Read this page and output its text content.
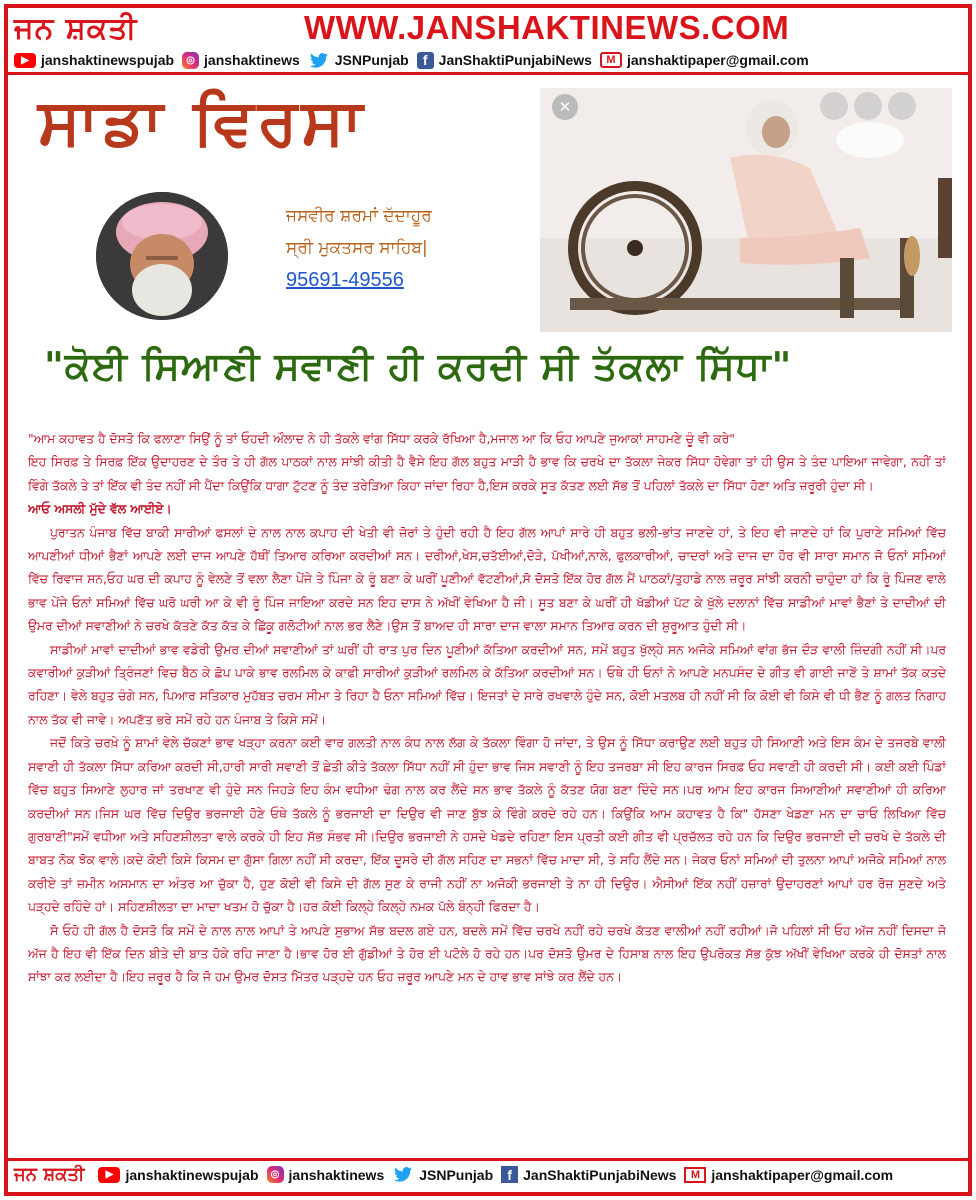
ਜਨ ਸ਼ਕਤੀ	WWW.JANSHAKTINEWS.COM
▶ janshaktinewspujab	◎ janshaktinews	JSNPunjab	f JanShaktiPunjabiNews	M janshaktipaper@gmail.com
ਸਾਡਾ ਵਿਰਸਾ
ਜਸਵੀਰ ਸ਼ਰਮਾਂ ਦੱਦਾਹੂਰ
ਸ੍ਰੀ ਮੁਕਤਸਰ ਸਾਹਿਬ|
95691-49556
✕
"ਕੋਈ ਸਿਆਣੀ ਸਵਾਣੀ ਹੀ ਕਰਦੀ ਸੀ ਤੱਕਲਾ ਸਿੱਧਾ"

"ਆਮ ਕਹਾਵਤ ਹੈ ਦੋਸਤੋ ਕਿ ਫਲਾਣਾ ਸਿਉਂ ਨੂੰ ਤਾਂ ਓਹਦੀ ਔਲਾਦ ਨੇ ਹੀ ਤੱਕਲੇ ਵਾਂਗ ਸਿੱਧਾ ਕਰਕੇ ਰੱਖਿਆ ਹੈ,ਮਜਾਲ ਆ ਕਿ ਓਹ ਆਪਣੇ ਜੁਆਕਾਂ ਸਾਹਮਣੇ ਚੂੰ ਵੀ ਕਰੇ"

ਇਹ ਸਿਰਫ਼ ਤੇ ਸਿਰਫ਼ ਇੱਕ ਉਦਾਹਰਣ ਦੇ ਤੌਰ ਤੇ ਹੀ ਗੱਲ ਪਾਠਕਾਂ ਨਾਲ ਸਾਂਝੀ ਕੀਤੀ ਹੈ ਵੈਸੇ ਇਹ ਗੱਲ ਬਹੁਤ ਮਾੜੀ ਹੈ ਭਾਵ ਕਿ ਚਰਖੇ ਦਾ ਤੱਕਲਾ ਜੇਕਰ ਸਿੱਧਾ ਹੋਵੇਗਾ ਤਾਂ ਹੀ ਉਸ ਤੇ ਤੰਦ ਪਾਇਆ ਜਾਵੇਗਾ, ਨਹੀਂ ਤਾਂ ਵਿੰਗੇ ਤੱਕਲੇ ਤੇ ਤਾਂ ਇੱਕ ਵੀ ਤੰਦ ਨਹੀਂ ਸੀ ਪੈਂਦਾ ਕਿਉਂਕਿ ਧਾਗਾ ਟੁੱਟਣ ਨੂੰ ਤੰਦ ਤਰੇੜਿਆ ਕਿਹਾ ਜਾਂਦਾ ਰਿਹਾ ਹੈ,ਇਸ ਕਰਕੇ ਸੂਤ ਕੱਤਣ ਲਈ ਸੱਭ ਤੋਂ ਪਹਿਲਾਂ ਤੱਕਲੇ ਦਾ ਸਿੱਧਾ ਹੋਣਾ ਅਤਿ ਜ਼ਰੂਰੀ ਹੁੰਦਾ ਸੀ।

ਆਓ ਅਸਲੀ ਮੁੱਦੇ ਵੱਲ ਆਈਏ।

ਪੁਰਾਤਨ ਪੰਜਾਬ ਵਿੱਚ ਬਾਕੀ ਸਾਰੀਆਂ ਫਸਲਾਂ ਦੇ ਨਾਲ ਨਾਲ ਕਪਾਹ ਦੀ ਖੇਤੀ ਵੀ ਜ਼ੋਰਾਂ ਤੇ ਹੁੰਦੀ ਰਹੀ ਹੈ ਇਹ ਗੱਲ ਆਪਾਂ ਸਾਰੇ ਹੀ ਬਹੁਤ ਭਲੀ-ਭਾਂਤ ਜਾਣਦੇ ਹਾਂ, ਤੇ ਇਹ ਵੀ ਜਾਣਦੇ ਹਾਂ ਕਿ ਪੁਰਾਣੇ ਸਮਿਆਂ ਵਿੱਚ ਆਪਣੀਆਂ ਧੀਆਂ ਭੈਣਾਂ ਆਪਣੇ ਲਈ ਦਾਜ ਆਪਣੇ ਹੱਥੀਂ ਤਿਆਰ ਕਰਿਆ ਕਰਦੀਆਂ ਸਨ। ਦਰੀਆਂ,ਖੇਸ,ਚਤੱਈਆਂ,ਦੋੜੇ, ਪੱਖੀਆਂ,ਨਾਲੇ, ਫੁਲਕਾਰੀਆਂ, ਚਾਦਰਾਂ ਅਤੇ ਦਾਜ ਦਾ ਹੋਰ ਵੀ ਸਾਰਾ ਸਮਾਨ ਜੋ ਓਨਾਂ ਸਮਿਆਂ ਵਿੱਚ ਰਿਵਾਜ ਸਨ,ਓਹ ਘਰ ਦੀ ਕਪਾਹ ਨੂੰ ਵੇਲਣੇ ਤੋਂ ਵਲਾ ਲੈਣਾ ਪੇਂਜੇ ਤੇ ਪਿੰਜਾ ਕੇ ਰੂੰ ਬਣਾ ਕੇ ਘਰੀਂ ਪੂਣੀਆਂ ਵੱਟਣੀਆਂ,ਸੋ ਦੋਸਤੋ ਇੱਕ ਹੋਰ ਗੱਲ ਮੈਂ ਪਾਠਕਾਂ/ਤੁਹਾਡੇ ਨਾਲ ਜ਼ਰੂਰ ਸਾਂਝੀ ਕਰਨੀ ਚਾਹੁੰਦਾ ਹਾਂ ਕਿ ਰੂੰ ਪਿੰਜਣ ਵਾਲੇ ਭਾਵ ਪੇਂਜੇ ਓਨਾਂ ਸਮਿਆਂ ਵਿੱਚ ਘਰੋ ਘਰੀ ਆ ਕੇ ਵੀ ਰੂੰ ਪਿੰਜ ਜਾਇਆ ਕਰਦੇ ਸਨ ਇਹ ਦਾਸ ਨੇ ਅੱਖੀਂ ਵੇਖਿਆ ਹੈ ਜੀ। ਸੂਤ ਬਣਾ ਕੇ ਘਰੀਂ ਹੀ ਖੱਡੀਆਂ ਪੱਟ ਕੇ ਖੁੱਲੇ ਦਲਾਨਾਂ ਵਿੱਚ ਸਾਡੀਆਂ ਮਾਵਾਂ ਭੈਣਾਂ ਤੇ ਦਾਦੀਆਂ ਦੀ ਉਮਰ ਦੀਆਂ ਸਵਾਣੀਆਂ ਨੇ ਚਰਖੇ ਕੱਤਣੇ ਕੱਤ ਕੱਤ ਕੇ ਛਿੱਕੂ ਗਲੋਟੀਆਂ ਨਾਲ ਭਰ ਲੈਣੇ।ਉਸ ਤੋਂ ਬਾਅਦ ਹੀ ਸਾਰਾ ਦਾਜ ਵਾਲਾ ਸਮਾਨ ਤਿਆਰ ਕਰਨ ਦੀ ਸ਼ੁਰੂਆਤ ਹੁੰਦੀ ਸੀ।

ਸਾਡੀਆਂ ਮਾਵਾਂ ਦਾਦੀਆਂ ਭਾਵ ਵਡੇਰੀ ਉਮਰ ਦੀਆਂ ਸਵਾਣੀਆਂ ਤਾਂ ਘਰੀਂ ਹੀ ਰਾਤ ਪੁਰ ਦਿਨ ਪੂਣੀਆਂ ਕੱਤਿਆ ਕਰਦੀਆਂ ਸਨ, ਸਮੇਂ ਬਹੁਤ ਖੁੱਲ੍ਹੇ ਸਨ ਅਜੋਕੇ ਸਮਿਆਂ ਵਾਂਗ ਭੱਜ ਦੌੜ ਵਾਲੀ ਜ਼ਿੰਦਗੀ ਨਹੀਂ ਸੀ।ਪਰ ਕਵਾਰੀਆਂ ਕੁੜੀਆਂ ਤ੍ਰਿੰਜਣਾਂ ਵਿਚ ਬੈਠ ਕੇ ਛੋਪ ਪਾਕੇ ਭਾਵ ਰਲਮਿਲ ਕੇ ਕਾਫੀ ਸਾਰੀਆਂ ਕੁੜੀਆਂ ਰਲਮਿਲ ਕੇ ਕੱਤਿਆ ਕਰਦੀਆਂ ਸਨ। ਓਥੇ ਹੀ ਓਨਾਂ ਨੇ ਆਪਣੇ ਮਨਪਸੰਦ ਦੇ ਗੀਤ ਵੀ ਗਾਈ ਜਾਣੇਂ ਤੇ ਸ਼ਾਮਾਂ ਤੱਕ ਕਤਦੇ ਰਹਿਣਾ। ਵੇਲੇ ਬਹੁਤ ਚੰਗੇ ਸਨ, ਪਿਆਰ ਸਤਿਕਾਰ ਮੁਹੱਬਤ ਚਰਮ ਸੀਮਾ ਤੇ ਰਿਹਾ ਹੈ ਓਨਾ ਸਮਿਆਂ ਵਿੱਚ। ਇਜਤਾਂ ਦੇ ਸਾਰੇ ਰਖਵਾਲੇ ਹੁੰਦੇ ਸਨ, ਕੋਈ ਮਤਲਬ ਹੀ ਨਹੀਂ ਸੀ ਕਿ ਕੋਈ ਵੀ ਕਿਸੇ ਵੀ ਧੀ ਭੈਣ ਨੂੰ ਗਲਤ ਨਿਗਾਹ ਨਾਲ ਤੱਕ ਵੀ ਜਾਵੇ। ਅਪਣੱਤ ਭਰੇ ਸਮੇਂ ਰਹੇ ਹਨ ਪੰਜਾਬ ਤੇ ਕਿਸੇ ਸਮੇਂ।

ਜਦੋਂ ਕਿਤੇ ਚਰਖ਼ੇ ਨੂੰ ਸ਼ਾਮਾਂ ਵੇਲੇ ਚੱਕਣਾਂ ਭਾਵ ਖੜ੍ਹਾ ਕਰਨਾ ਕਈ ਵਾਰ ਗਲਤੀ ਨਾਲ ਕੰਧ ਨਾਲ ਲੱਗ ਕੇ ਤੱਕਲਾ ਵਿੰਗਾ ਹੋ ਜਾਂਦਾ, ਤੇ ਉਸ ਨੂੰ ਸਿੱਧਾ ਕਰਾਉਣ ਲਈ ਬਹੁਤ ਹੀ ਸਿਆਣੀ ਅਤੇ ਇਸ ਕੰਮ ਦੇ ਤਜਰਬੇ ਵਾਲੀ ਸਵਾਣੀ ਹੀ ਤੱਕਲਾ ਸਿੱਧਾ ਕਰਿਆ ਕਰਦੀ ਸੀ,ਹਾਰੀ ਸਾਰੀ ਸਵਾਣੀ ਤੋਂ ਛੇਤੀ ਕੀਤੇ ਤੱਕਲਾ ਸਿੱਧਾ ਨਹੀਂ ਸੀ ਹੁੰਦਾ ਭਾਵ ਜਿਸ ਸਵਾਣੀ ਨੂੰ ਇਹ ਤਜਰਬਾ ਸੀ ਇਹ ਕਾਰਜ ਸਿਰਫ਼ ਓਹ ਸਵਾਣੀ ਹੀ ਕਰਦੀ ਸੀ। ਕਈ ਕਈ ਪਿੰਡਾਂ ਵਿੱਚ ਬਹੁਤ ਸਿਆਣੇ ਲੁਹਾਰ ਜਾਂ ਤਰਖਾਣ ਵੀ ਹੁੰਦੇ ਸਨ ਜਿਹੜੇ ਇਹ ਕੰਮ ਵਧੀਆ ਢੰਗ ਨਾਲ ਕਰ ਲੈਂਦੇ ਸਨ ਭਾਵ ਤੱਕਲੇ ਨੂੰ ਕੱਤਣ ਯੋਗ ਬਣਾ ਦਿੰਦੇ ਸਨ।ਪਰ ਆਮ ਇਹ ਕਾਰਜ ਸਿਆਣੀਆਂ ਸਵਾਣੀਆਂ ਹੀ ਕਰਿਆ ਕਰਦੀਆਂ ਸਨ।ਜਿਸ ਘਰ ਵਿੱਚ ਦਿਉਰ ਭਰਜਾਈ ਹੋਣੇ ਓਥੇ ਤੱਕਲੇ ਨੂੰ ਭਰਜਾਈ ਦਾ ਦਿਉਰ ਵੀ ਜਾਣ ਬੁੱਝ ਕੇ ਵਿੰਗੇ ਕਰਦੇ ਰਹੇ ਹਨ। ਕਿਉਂਕਿ ਆਮ ਕਹਾਵਤ ਹੈ ਕਿ" ਹੱਸਣਾ ਖੇਡਣਾ ਮਨ ਦਾ ਚਾਓ ਲਿਖਿਆ ਵਿੱਚ ਗੁਰਬਾਣੀ"ਸਮੇਂ ਵਧੀਆ ਅਤੇ ਸਹਿਣਸ਼ੀਲਤਾ ਵਾਲੇ ਕਰਕੇ ਹੀ ਇਹ ਸੱਭ ਸੰਭਵ ਸੀ।ਦਿਉਰ ਭਰਜਾਈ ਨੇ ਹਸਦੇ ਖੇਡਦੇ ਰਹਿਣਾ ਇਸ ਪ੍ਰਤੀ ਕਈ ਗੀਤ ਵੀ ਪ੍ਰਚੱਲਤ ਰਹੇ ਹਨ ਕਿ ਦਿਉਰ ਭਰਜਾਈ ਦੀ ਚਰਖੇ ਦੇ ਤੱਕਲੇ ਦੀ ਬਾਬਤ ਨੋਕ ਝੋਕ ਵਾਲੇ।ਕਦੇ ਕੋਈ ਕਿਸੇ ਕਿਸਮ ਦਾ ਗੁੱਸਾ ਗਿਲਾ ਨਹੀਂ ਸੀ ਕਰਦਾ, ਇੱਕ ਦੂਸਰੇ ਦੀ ਗੱਲ ਸਹਿਣ ਦਾ ਸਭਨਾਂ ਵਿੱਚ ਮਾਦਾ ਸੀ, ਤੇ ਸਹਿ ਲੈਂਦੇ ਸਨ। ਜੇਕਰ ਓਨਾਂ ਸਮਿਆਂ ਦੀ ਤੁਲਨਾ ਆਪਾਂ ਅਜੋਕੇ ਸਮਿਆਂ ਨਾਲ ਕਰੀਏ ਤਾਂ ਜ਼ਮੀਨ ਅਸਮਾਨ ਦਾ ਅੰਤਰ ਆ ਚੁੱਕਾ ਹੈ, ਹੁਣ ਕੋਈ ਵੀ ਕਿਸੇ ਦੀ ਗੱਲ ਸੁਣ ਕੇ ਰਾਜੀ ਨਹੀਂ ਨਾ ਅਜੋਕੀ ਭਰਜਾਈ ਤੇ ਨਾ ਹੀ ਦਿਉਰ। ਐਸੀਆਂ ਇੱਕ ਨਹੀਂ ਹਜ਼ਾਰਾਂ ਉਦਾਹਰਣਾਂ ਆਪਾਂ ਹਰ ਰੋਜ਼ ਸੁਣਦੇ ਅਤੇ ਪੜ੍ਹਦੇ ਰਹਿੰਦੇ ਹਾਂ। ਸਹਿਣਸ਼ੀਲਤਾ ਦਾ ਮਾਦਾ ਖਤਮ ਹੋ ਚੁੱਕਾ ਹੈ।ਹਰ ਕੋਈ ਕਿਲ੍ਹੇ ਕਿਲ੍ਹੇ ਨਮਕ ਪੱਲੇ ਬੰਨ੍ਹੀ ਫਿਰਦਾ ਹੈ।

ਸੋ ਓਹੋ ਹੀ ਗੱਲ ਹੈ ਦੋਸਤੋ ਕਿ ਸਮੇਂ ਦੇ ਨਾਲ ਨਾਲ ਆਪਾਂ ਤੇ ਆਪਣੇ ਸੁਭਾਅ ਸੱਭ ਬਦਲ ਗਏ ਹਨ, ਬਦਲੇ ਸਮੇਂ ਵਿੱਚ ਚਰਖੇ ਨਹੀਂ ਰਹੇ ਚਰਖੇ ਕੱਤਣ ਵਾਲੀਆਂ ਨਹੀਂ ਰਹੀਆਂ।ਜੋ ਪਹਿਲਾਂ ਸੀ ਓਹ ਅੱਜ ਨਹੀਂ ਦਿਸਦਾ ਜੋ ਅੱਜ ਹੈ ਇਹ ਵੀ ਇੱਕ ਦਿਨ ਬੀਤੇ ਦੀ ਬਾਤ ਹੋਕੇ ਰਹਿ ਜਾਣਾ ਹੈ।ਭਾਵ ਹੋਰ ਈ ਗੁੱਡੀਆਂ ਤੇ ਹੋਰ ਈ ਪਟੋਲੇ ਹੋ ਰਹੇ ਹਨ।ਪਰ ਦੋਸਤੋ ਉਮਰ ਦੇ ਹਿਸਾਬ ਨਾਲ ਇਹ ਉਪਰੋਕਤ ਸੱਭ ਕੁੱਝ ਅੱਖੀਂ ਵੇਖਿਆ ਕਰਕੇ ਹੀ ਦੋਸਤਾਂ ਨਾਲ ਸਾਂਝਾ ਕਰ ਲਈਦਾ ਹੈ।ਇਹ ਜ਼ਰੂਰ ਹੈ ਕਿ ਜੋ ਹਮ ਉਮਰ ਦੋਸਤ ਮਿੱਤਰ ਪੜ੍ਹਦੇ ਹਨ ਓਹ ਜ਼ਰੂਰ ਆਪਣੇ ਮਨ ਦੇ ਹਾਵ ਭਾਵ ਸਾਂਝੇ ਕਰ ਲੈਂਦੇ ਹਨ।

ਜਨ ਸ਼ਕਤੀ	▶ janshaktinewspujab	◎ janshaktinews	JSNPunjab	f JanShaktiPunjabiNews	M janshaktipaper@gmail.com
